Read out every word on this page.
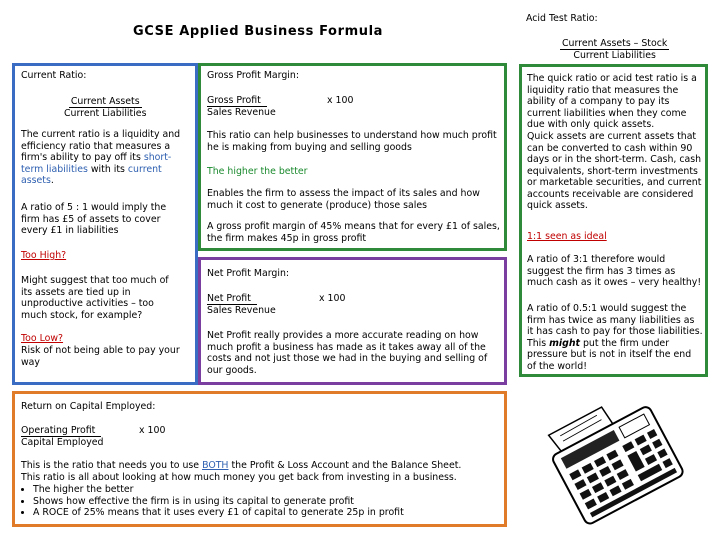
GCSE Applied Business Formula
Current Ratio:
Current Assets
Current Liabilities
The current ratio is a liquidity and efficiency ratio that measures a firm's ability to pay off its short-term liabilities with its current assets.
A ratio of 5 : 1 would imply the firm has £5 of assets to cover every £1 in liabilities
Too High?
Might suggest that too much of its assets are tied up in unproductive activities – too much stock, for example?
Too Low?
Risk of not being able to pay your way
Gross Profit Margin:
Gross Profit
Sales Revenue
x 100
This ratio can help businesses to understand how much profit he is making from buying and selling goods
The higher the better
Enables the firm to assess the impact of its sales and how much it cost to generate (produce) those sales
A gross profit margin of 45% means that for every £1 of sales, the firm makes 45p in gross profit
Net Profit Margin:
Net Profit
Sales Revenue
x 100
Net Profit really provides a more accurate reading on how much profit a business has made as it takes away all of the costs and not just those we had in the buying and selling of our goods.
Return on Capital Employed:
Operating Profit
Capital Employed
x 100
This is the ratio that needs you to use BOTH the Profit & Loss Account and the Balance Sheet.
This ratio is all about looking at how much money you get back from investing in a business.
• The higher the better
• Shows how effective the firm is in using its capital to generate profit
• A ROCE of 25% means that it uses every £1 of capital to generate 25p in profit
Acid Test Ratio:
Current Assets – Stock
Current Liabilities
The quick ratio or acid test ratio is a liquidity ratio that measures the ability of a company to pay its current liabilities when they come due with only quick assets.
Quick assets are current assets that can be converted to cash within 90 days or in the short-term. Cash, cash equivalents, short-term investments or marketable securities, and current accounts receivable are considered quick assets.
1:1 seen as ideal
A ratio of 3:1 therefore would suggest the firm has 3 times as much cash as it owes – very healthy!
A ratio of 0.5:1 would suggest the firm has twice as many liabilities as it has cash to pay for those liabilities. This might put the firm under pressure but is not in itself the end of the world!
